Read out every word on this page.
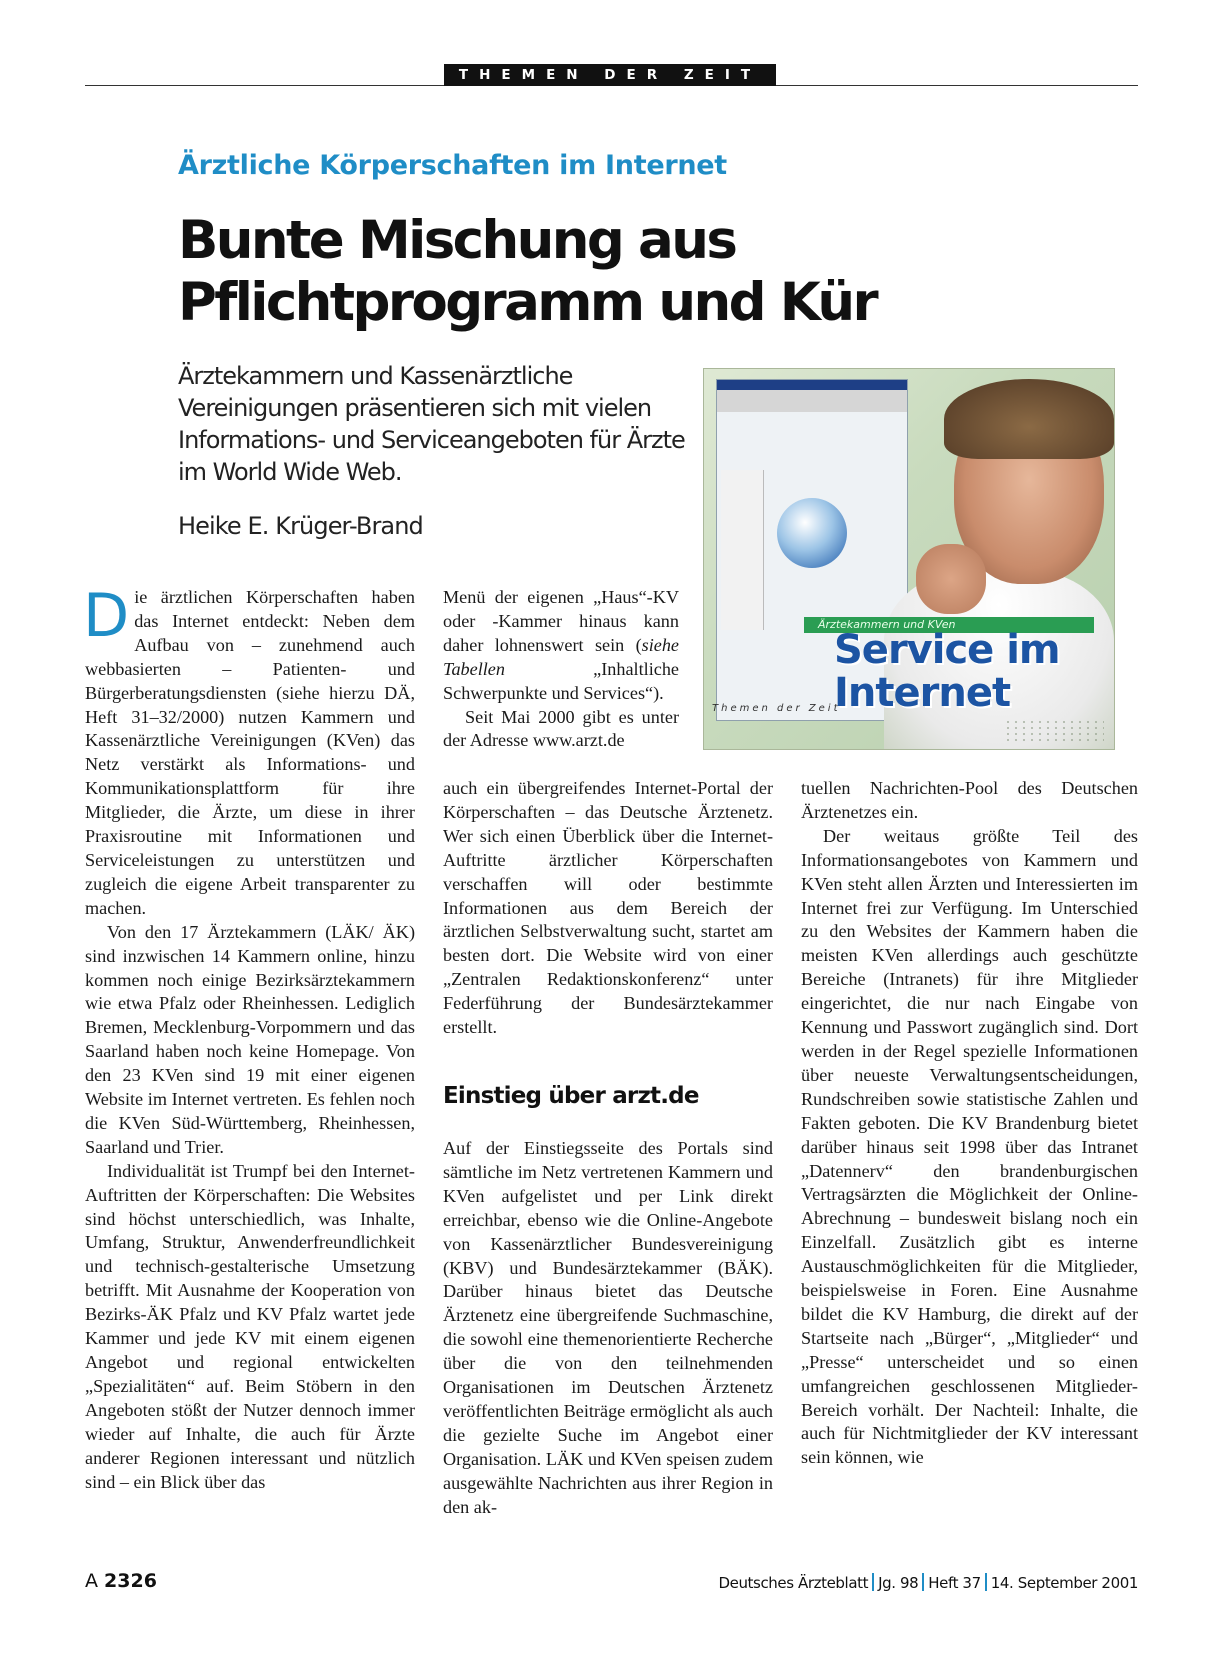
THEMEN DER ZEIT
Ärztliche Körperschaften im Internet
Bunte Mischung aus
Pflichtprogramm und Kür
Ärztekammern und Kassenärztliche Vereinigungen präsentieren sich mit vielen Informations- und Serviceangeboten für Ärzte im World Wide Web.
Heike E. Krüger-Brand
Ärztekammern und KVen
Service im
Internet
Themen der Zeit

Die ärztlichen Körperschaften haben das Internet entdeckt: Neben dem Aufbau von – zunehmend auch webbasierten – Patienten- und Bürgerberatungsdiensten (siehe hierzu DÄ, Heft 31–32/2000) nutzen Kammern und Kassenärztliche Vereinigungen (KVen) das Netz verstärkt als Informations- und Kommunikationsplattform für ihre Mitglieder, die Ärzte, um diese in ihrer Praxisroutine mit Informationen und Serviceleistungen zu unterstützen und zugleich die eigene Arbeit transparenter zu machen.

Von den 17 Ärztekammern (LÄK/ ÄK) sind inzwischen 14 Kammern online, hinzu kommen noch einige Bezirksärztekammern wie etwa Pfalz oder Rheinhessen. Lediglich Bremen, Mecklenburg-Vorpommern und das Saarland haben noch keine Homepage. Von den 23 KVen sind 19 mit einer eigenen Website im Internet vertreten. Es fehlen noch die KVen Süd-Württemberg, Rheinhessen, Saarland und Trier.

Individualität ist Trumpf bei den Internet-Auftritten der Körperschaften: Die Websites sind höchst unterschiedlich, was Inhalte, Umfang, Struktur, Anwenderfreundlichkeit und technisch-gestalterische Umsetzung betrifft. Mit Ausnahme der Kooperation von Bezirks-ÄK Pfalz und KV Pfalz wartet jede Kammer und jede KV mit einem eigenen Angebot und regional entwickelten „Spezialitäten“ auf. Beim Stöbern in den Angeboten stößt der Nutzer dennoch immer wieder auf Inhalte, die auch für Ärzte anderer Regionen interessant und nützlich sind – ein Blick über das

Menü der eigenen „Haus“-KV oder -Kammer hinaus kann daher lohnenswert sein (siehe Tabellen „Inhaltliche Schwerpunkte und Services“).

Seit Mai 2000 gibt es unter der Adresse www.arzt.de

auch ein übergreifendes Internet-Portal der Körperschaften – das Deutsche Ärztenetz. Wer sich einen Überblick über die Internet-Auftritte ärztlicher Körperschaften verschaffen will oder bestimmte Informationen aus dem Bereich der ärztlichen Selbstverwaltung sucht, startet am besten dort. Die Website wird von einer „Zentralen Redaktionskonferenz“ unter Federführung der Bundesärztekammer erstellt.

Einstieg über arzt.de

Auf der Einstiegsseite des Portals sind sämtliche im Netz vertretenen Kammern und KVen aufgelistet und per Link direkt erreichbar, ebenso wie die Online-Angebote von Kassenärztlicher Bundesvereinigung (KBV) und Bundesärztekammer (BÄK). Darüber hinaus bietet das Deutsche Ärztenetz eine übergreifende Suchmaschine, die sowohl eine themenorientierte Recherche über die von den teilnehmenden Organisationen im Deutschen Ärztenetz veröffentlichten Beiträge ermöglicht als auch die gezielte Suche im Angebot einer Organisation. LÄK und KVen speisen zudem ausgewählte Nachrichten aus ihrer Region in den ak-

tuellen Nachrichten-Pool des Deutschen Ärztenetzes ein.

Der weitaus größte Teil des Informationsangebotes von Kammern und KVen steht allen Ärzten und Interessierten im Internet frei zur Verfügung. Im Unterschied zu den Websites der Kammern haben die meisten KVen allerdings auch geschützte Bereiche (Intranets) für ihre Mitglieder eingerichtet, die nur nach Eingabe von Kennung und Passwort zugänglich sind. Dort werden in der Regel spezielle Informationen über neueste Verwaltungsentscheidungen, Rundschreiben sowie statistische Zahlen und Fakten geboten. Die KV Brandenburg bietet darüber hinaus seit 1998 über das Intranet „Datennerv“ den brandenburgischen Vertragsärzten die Möglichkeit der Online-Abrechnung – bundesweit bislang noch ein Einzelfall. Zusätzlich gibt es interne Austauschmöglichkeiten für die Mitglieder, beispielsweise in Foren. Eine Ausnahme bildet die KV Hamburg, die direkt auf der Startseite nach „Bürger“, „Mitglieder“ und „Presse“ unterscheidet und so einen umfangreichen geschlossenen Mitglieder-Bereich vorhält. Der Nachteil: Inhalte, die auch für Nichtmitglieder der KV interessant sein können, wie

A 2326	Deutsches Ärzteblatt Jg. 98 Heft 37 14. September 2001
